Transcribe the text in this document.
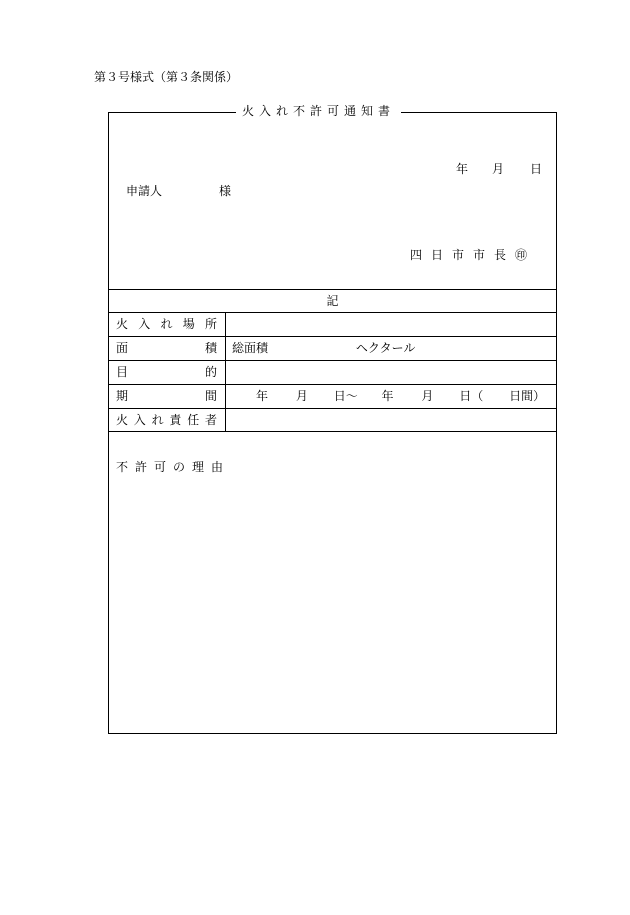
第３号様式（第３条関係）
火入れ不許可通知書
年 月 日
申請人	様
四日市市長㊞
記
火 入 れ 場 所
面	積 総面積	ヘクタール
目	的
期	間	年 月 日～ 年 月 日（ 日間）
火 入 れ 責 任 者
不許可の理由
